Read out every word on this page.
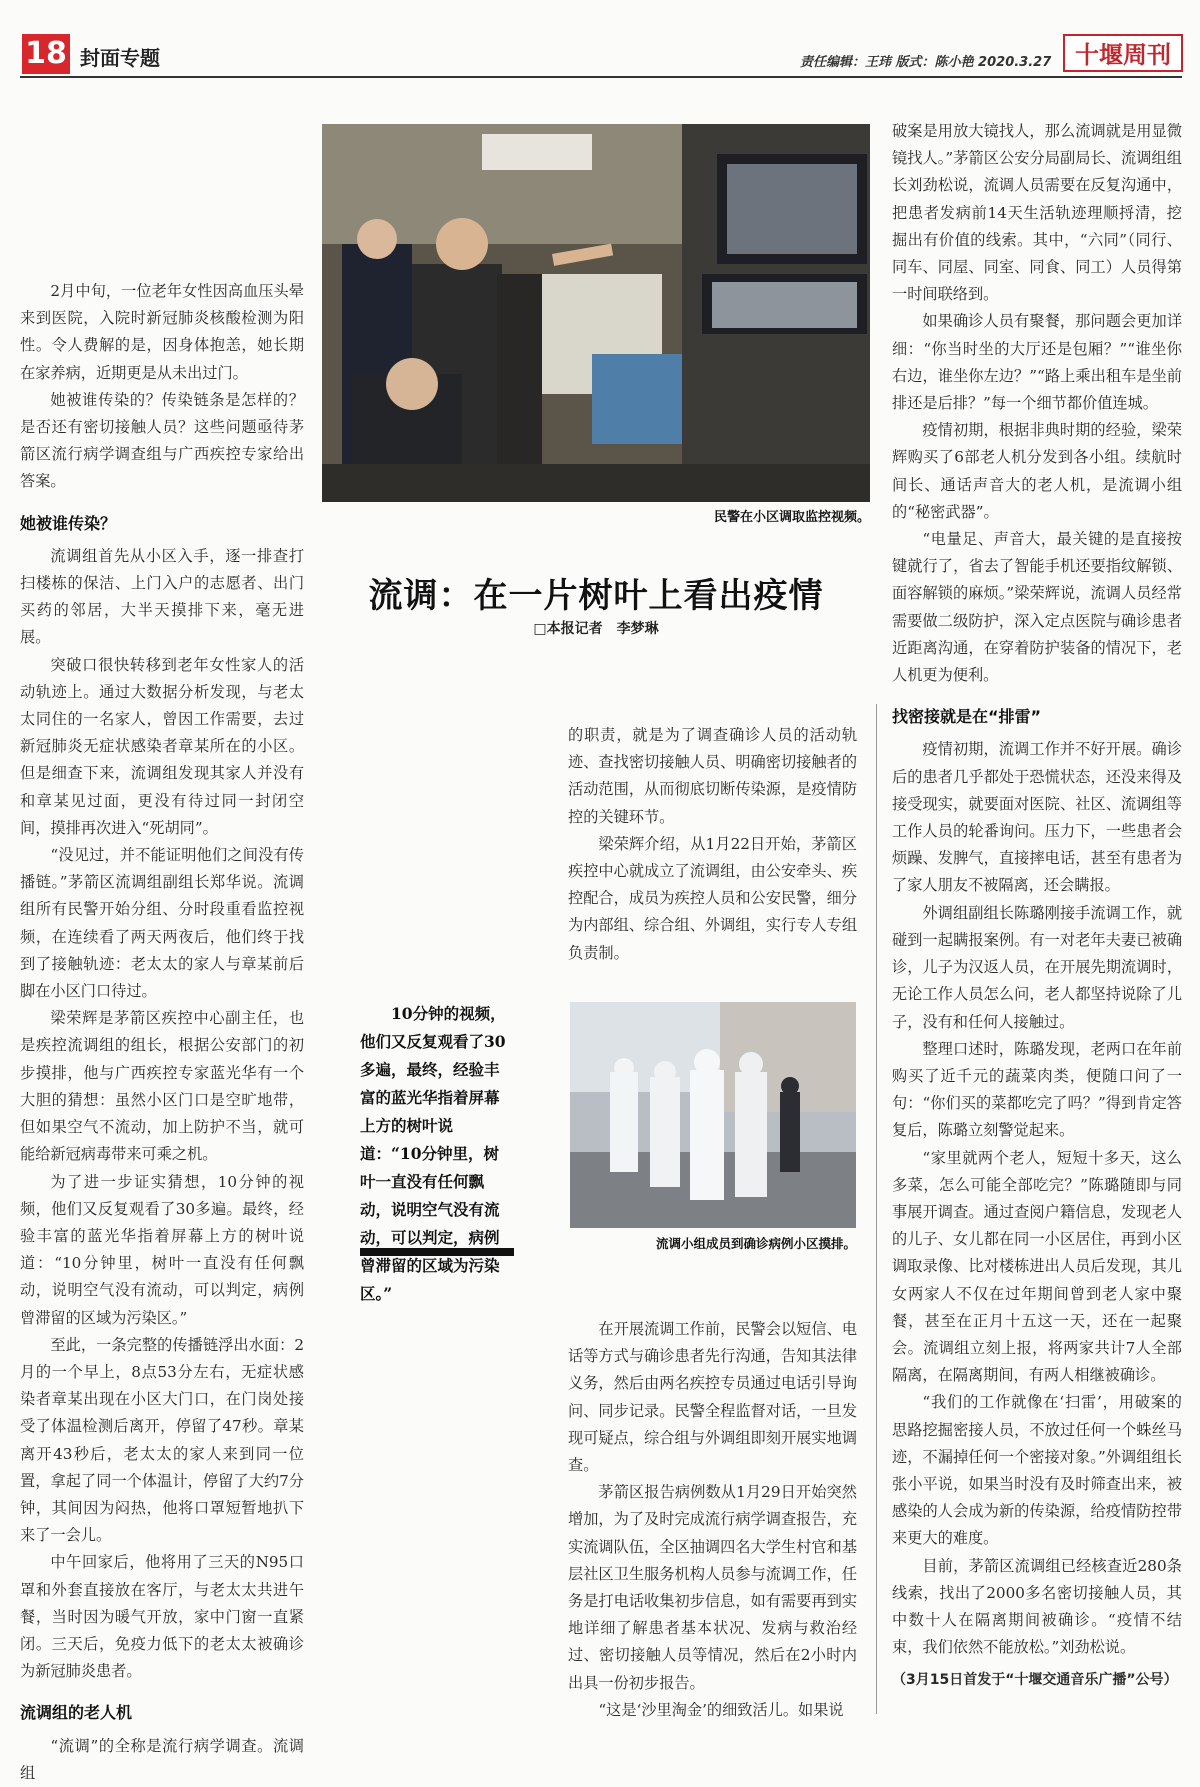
18 封面专题	责任编辑：王玮 版式：陈小艳 2020.3.27 十堰周刊

2月中旬，一位老年女性因高血压头晕来到医院，入院时新冠肺炎核酸检测为阳性。令人费解的是，因身体抱恙，她长期在家养病，近期更是从未出过门。

她被谁传染的？传染链条是怎样的？是否还有密切接触人员？这些问题亟待茅箭区流行病学调查组与广西疾控专家给出答案。

她被谁传染？

流调组首先从小区入手，逐一排查打扫楼栋的保洁、上门入户的志愿者、出门买药的邻居，大半天摸排下来，毫无进展。

突破口很快转移到老年女性家人的活动轨迹上。通过大数据分析发现，与老太太同住的一名家人，曾因工作需要，去过新冠肺炎无症状感染者章某所在的小区。但是细查下来，流调组发现其家人并没有和章某见过面，更没有待过同一封闭空间，摸排再次进入“死胡同”。

“没见过，并不能证明他们之间没有传播链。”茅箭区流调组副组长郑华说。流调组所有民警开始分组、分时段重看监控视频，在连续看了两天两夜后，他们终于找到了接触轨迹：老太太的家人与章某前后脚在小区门口待过。

梁荣辉是茅箭区疾控中心副主任，也是疾控流调组的组长，根据公安部门的初步摸排，他与广西疾控专家蓝光华有一个大胆的猜想：虽然小区门口是空旷地带，但如果空气不流动，加上防护不当，就可能给新冠病毒带来可乘之机。

为了进一步证实猜想，10分钟的视频，他们又反复观看了30多遍。最终，经验丰富的蓝光华指着屏幕上方的树叶说道：“10分钟里，树叶一直没有任何飘动，说明空气没有流动，可以判定，病例曾滞留的区域为污染区。”

至此，一条完整的传播链浮出水面：2月的一个早上，8点53分左右，无症状感染者章某出现在小区大门口，在门岗处接受了体温检测后离开，停留了47秒。章某离开43秒后，老太太的家人来到同一位置，拿起了同一个体温计，停留了大约7分钟，其间因为闷热，他将口罩短暂地扒下来了一会儿。

中午回家后，他将用了三天的N95口罩和外套直接放在客厅，与老太太共进午餐，当时因为暖气开放，家中门窗一直紧闭。三天后，免疫力低下的老太太被确诊为新冠肺炎患者。

流调组的老人机

“流调”的全称是流行病学调查。流调组

民警在小区调取监控视频。
流调：在一片树叶上看出疫情
□本报记者　李梦琳

的职责，就是为了调查确诊人员的活动轨迹、查找密切接触人员、明确密切接触者的活动范围，从而彻底切断传染源，是疫情防控的关键环节。

梁荣辉介绍，从1月22日开始，茅箭区疾控中心就成立了流调组，由公安牵头、疾控配合，成员为疾控人员和公安民警，细分为内部组、综合组、外调组，实行专人专组负责制。

10分钟的视频，他们又反复观看了30多遍，最终，经验丰富的蓝光华指着屏幕上方的树叶说道：“10分钟里，树叶一直没有任何飘动，说明空气没有流动，可以判定，病例曾滞留的区域为污染区。”

流调小组成员到确诊病例小区摸排。

在开展流调工作前，民警会以短信、电话等方式与确诊患者先行沟通，告知其法律义务，然后由两名疾控专员通过电话引导询问、同步记录。民警全程监督对话，一旦发现可疑点，综合组与外调组即刻开展实地调查。

茅箭区报告病例数从1月29日开始突然增加，为了及时完成流行病学调查报告，充实流调队伍，全区抽调四名大学生村官和基层社区卫生服务机构人员参与流调工作，任务是打电话收集初步信息，如有需要再到实地详细了解患者基本状况、发病与救治经过、密切接触人员等情况，然后在2小时内出具一份初步报告。

“这是‘沙里淘金’的细致活儿。如果说

破案是用放大镜找人，那么流调就是用显微镜找人。”茅箭区公安分局副局长、流调组组长刘劲松说，流调人员需要在反复沟通中，把患者发病前14天生活轨迹理顺捋清，挖掘出有价值的线索。其中，“六同”（同行、同车、同屋、同室、同食、同工）人员得第一时间联络到。

如果确诊人员有聚餐，那问题会更加详细：“你当时坐的大厅还是包厢？”“谁坐你右边，谁坐你左边？”“路上乘出租车是坐前排还是后排？”每一个细节都价值连城。

疫情初期，根据非典时期的经验，梁荣辉购买了6部老人机分发到各小组。续航时间长、通话声音大的老人机，是流调小组的“秘密武器”。

“电量足、声音大，最关键的是直接按键就行了，省去了智能手机还要指纹解锁、面容解锁的麻烦。”梁荣辉说，流调人员经常需要做二级防护，深入定点医院与确诊患者近距离沟通，在穿着防护装备的情况下，老人机更为便利。

找密接就是在“排雷”

疫情初期，流调工作并不好开展。确诊后的患者几乎都处于恐慌状态，还没来得及接受现实，就要面对医院、社区、流调组等工作人员的轮番询问。压力下，一些患者会烦躁、发脾气，直接摔电话，甚至有患者为了家人朋友不被隔离，还会瞒报。

外调组副组长陈璐刚接手流调工作，就碰到一起瞒报案例。有一对老年夫妻已被确诊，儿子为汉返人员，在开展先期流调时，无论工作人员怎么问，老人都坚持说除了儿子，没有和任何人接触过。

整理口述时，陈璐发现，老两口在年前购买了近千元的蔬菜肉类，便随口问了一句：“你们买的菜都吃完了吗？”得到肯定答复后，陈璐立刻警觉起来。

“家里就两个老人，短短十多天，这么多菜，怎么可能全部吃完？”陈璐随即与同事展开调查。通过查阅户籍信息，发现老人的儿子、女儿都在同一小区居住，再到小区调取录像、比对楼栋进出人员后发现，其儿女两家人不仅在过年期间曾到老人家中聚餐，甚至在正月十五这一天，还在一起聚会。流调组立刻上报，将两家共计7人全部隔离，在隔离期间，有两人相继被确诊。

“我们的工作就像在‘扫雷’，用破案的思路挖掘密接人员，不放过任何一个蛛丝马迹，不漏掉任何一个密接对象。”外调组组长张小平说，如果当时没有及时筛查出来，被感染的人会成为新的传染源，给疫情防控带来更大的难度。

目前，茅箭区流调组已经核查近280条线索，找出了2000多名密切接触人员，其中数十人在隔离期间被确诊。“疫情不结束，我们依然不能放松。”刘劲松说。

（3月15日首发于“十堰交通音乐广播”公号）
